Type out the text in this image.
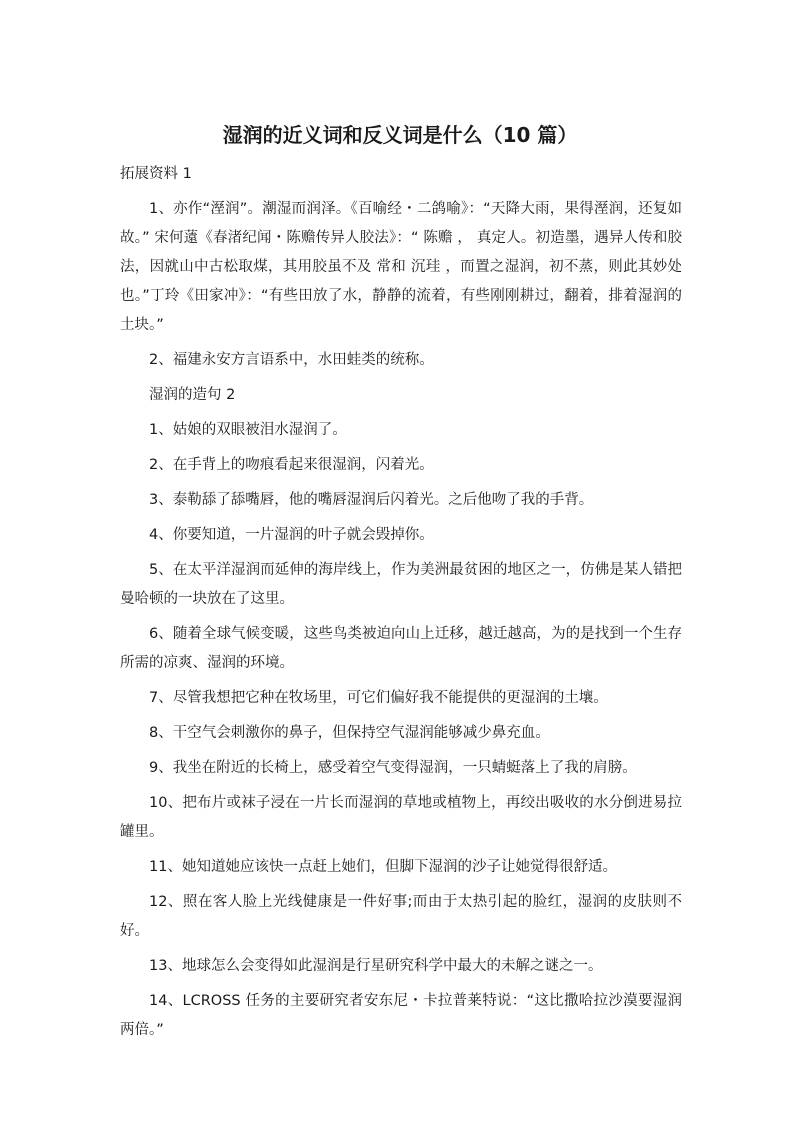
湿润的近义词和反义词是什么（10 篇）

拓展资料 1

1、亦作“溼润”。潮湿而润泽。《百喻经・二鸽喻》：“天降大雨，果得溼润，还复如故。” 宋何薳《春渚纪闻・陈赡传异人胶法》：“ 陈赡 ， 真定人。初造墨，遇异人传和胶法，因就山中古松取煤，其用胶虽不及 常和 沉珪 ，而置之湿润，初不蒸，则此其妙处也。”丁玲《田家冲》：“有些田放了水，静静的流着，有些刚刚耕过，翻着，排着湿润的土块。”

2、福建永安方言语系中，水田蛙类的统称。

湿润的造句 2

1、姑娘的双眼被泪水湿润了。

2、在手背上的吻痕看起来很湿润，闪着光。

3、泰勒舔了舔嘴唇，他的嘴唇湿润后闪着光。之后他吻了我的手背。

4、你要知道，一片湿润的叶子就会毁掉你。

5、在太平洋湿润而延伸的海岸线上，作为美洲最贫困的地区之一，仿佛是某人错把曼哈顿的一块放在了这里。

6、随着全球气候变暖，这些鸟类被迫向山上迁移，越迁越高，为的是找到一个生存所需的凉爽、湿润的环境。

7、尽管我想把它种在牧场里，可它们偏好我不能提供的更湿润的土壤。

8、干空气会刺激你的鼻子，但保持空气湿润能够减少鼻充血。

9、我坐在附近的长椅上，感受着空气变得湿润，一只蜻蜓落上了我的肩膀。

10、把布片或袜子浸在一片长而湿润的草地或植物上，再绞出吸收的水分倒进易拉罐里。

11、她知道她应该快一点赶上她们，但脚下湿润的沙子让她觉得很舒适。

12、照在客人脸上光线健康是一件好事;而由于太热引起的脸红，湿润的皮肤则不好。

13、地球怎么会变得如此湿润是行星研究科学中最大的未解之谜之一。

14、LCROSS 任务的主要研究者安东尼・卡拉普莱特说：“这比撒哈拉沙漠要湿润两倍。”
